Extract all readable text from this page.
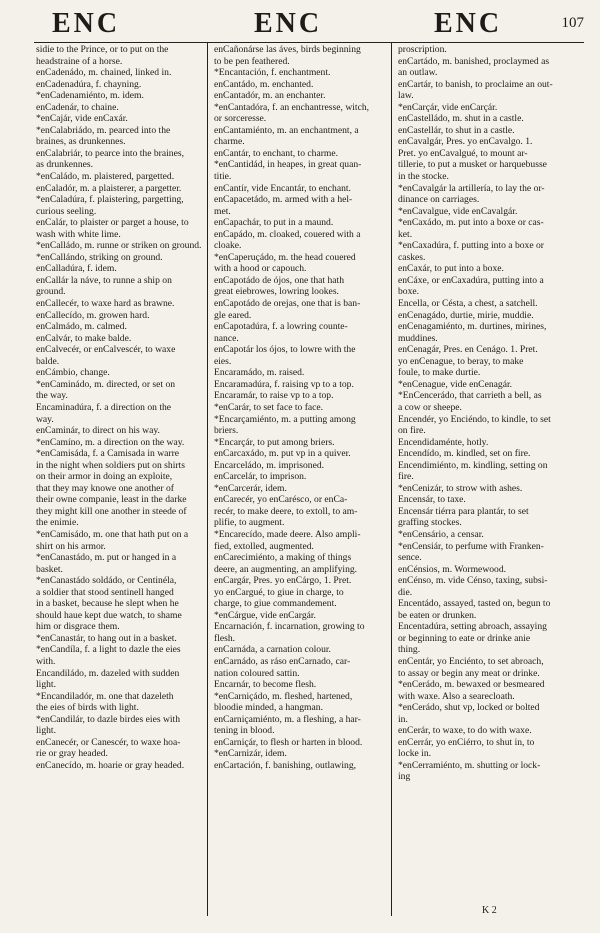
ENC	ENC	ENC	107
sidie to the Prince, or to put on the
headstraine of a horse.
enCadenádo, m. chained, linked in.
enCadenadúra, f. chayning.
*enCadenamiénto, m. idem.
enCadenár, to chaine.
*enCajár, vide enCaxár.
*enCalabriádo, m. pearced into the
braines, as drunkennes.
enCalabriár, to pearce into the braines,
as drunkennes.
*enCaládo, m. plaistered, pargetted.
enCaladór, m. a plaisterer, a pargetter.
*enCaladúra, f. plaistering, pargetting,
curious seeling.
enCalár, to plaister or parget a house, to
wash with white lime.
*enCalládo, m. runne or striken on ground.
*enCallándo, striking on ground.
enCalladúra, f. idem.
enCallár la náve, to runne a ship on
ground.
enCallecér, to waxe hard as brawne.
enCallecído, m. growen hard.
enCalmádo, m. calmed.
enCalvár, to make balde.
enCalvecér, or enCalvescér, to waxe
balde.
enCámbio, change.
*enCaminádo, m. directed, or set on
the way.
Encaminadúra, f. a direction on the
way.
enCaminár, to direct on his way.
*enCamíno, m. a direction on the way.
*enCamisáda, f. a Camisada in warre
in the night when soldiers put on shirts
on their armor in doing an exploite,
that they may knowe one another of
their owne companie, least in the darke
they might kill one another in steede of
the enimie.
*enCamisádo, m. one that hath put on a
shirt on his armor.
*enCanastádo, m. put or hanged in a
basket.
*enCanastádo soldádo, or Centinéla,
a soldier that stood sentinell hanged
in a basket, because he slept when he
should haue kept due watch, to shame
him or disgrace them.
*enCanastár, to hang out in a basket.
*enCandíla, f. a light to dazle the eies
with.
Encandiládo, m. dazeled with sudden
light.
*Encandiladór, m. one that dazeleth
the eies of birds with light.
*enCandilár, to dazle birdes eies with
light.
enCanecér, or Canescér, to waxe hoa-
rie or gray headed.
enCanecído, m. hoarie or gray headed.
enCañonárse las áves, birds beginning
to be pen feathered.
*Encantación, f. enchantment.
enCantádo, m. enchanted.
enCantadór, m. an enchanter.
*enCantadóra, f. an enchantresse, witch,
or sorceresse.
enCantamiénto, m. an enchantment, a
charme.
enCantár, to enchant, to charme.
*enCantidád, in heapes, in great quan-
titie.
enCantír, vide Encantár, to enchant.
enCapacetádo, m. armed with a hel-
met.
enCapachár, to put in a maund.
enCapádo, m. cloaked, couered with a
cloake.
*enCaperuçádo, m. the head couered
with a hood or capouch.
enCapotádo de ójos, one that hath
great eiebrowes, lowring lookes.
enCapotádo de orejas, one that is ban-
gle eared.
enCapotadúra, f. a lowring counte-
nance.
enCapotár los ójos, to lowre with the
eies.
Encaramádo, m. raised.
Encaramadúra, f. raising vp to a top.
Encaramár, to raise vp to a top.
*enCarár, to set face to face.
*Encarçamiénto, m. a putting among
briers.
*Encarçár, to put among briers.
enCarcaxádo, m. put vp in a quiver.
Encarceládo, m. imprisoned.
enCarcelár, to imprison.
*enCarcerár, idem.
enCarecér, yo enCarésco, or enCa-
recér, to make deere, to extoll, to am-
plifie, to augment.
*Encarecído, made deere. Also ampli-
fied, extolled, augmented.
enCarecimiénto, a making of things
deere, an augmenting, an amplifying.
enCargár, Pres. yo enCárgo, 1. Pret.
yo enCargué, to giue in charge, to
charge, to giue commandement.
*enCárgue, vide enCargár.
Encarnación, f. incarnation, growing to
flesh.
enCarnáda, a carnation colour.
enCarnádo, as ráso enCarnado, car-
nation coloured sattin.
Encarnár, to become flesh.
*enCarniçádo, m. fleshed, hartened,
bloodie minded, a hangman.
enCarniçamiénto, m. a fleshing, a har-
tening in blood.
enCarniçár, to flesh or harten in blood.
*enCarnizár, idem.
enCartación, f. banishing, outlawing,
proscription.
enCartádo, m. banished, proclaymed as
an outlaw.
enCartár, to banish, to proclaime an out-
law.
*enCarçár, vide enCarçár.
enCastelládo, m. shut in a castle.
enCastellár, to shut in a castle.
enCavalgár, Pres. yo enCavalgo. 1.
Pret. yo enCavalgué, to mount ar-
tillerie, to put a musket or harquebusse
in the stocke.
*enCavalgár la artillería, to lay the or-
dinance on carriages.
*enCavalgue, vide enCavalgár.
*enCaxádo, m. put into a boxe or cas-
ket.
*enCaxadúra, f. putting into a boxe or
caskes.
enCaxár, to put into a boxe.
enCáxe, or enCaxadúra, putting into a
boxe.
Encella, or Césta, a chest, a satchell.
enCenagádo, durtie, mirie, muddie.
enCenagamiénto, m. durtines, mirines,
muddines.
enCenagár, Pres. en Cenágo. 1. Pret.
yo enCenague, to beray, to make
foule, to make durtie.
*enCenague, vide enCenagár.
*EnCencerádo, that carrieth a bell, as
a cow or sheepe.
Encendér, yo Enciéndo, to kindle, to set
on fire.
Encendidaménte, hotly.
Encendído, m. kindled, set on fire.
Encendimiénto, m. kindling, setting on
fire.
*enCenizár, to strow with ashes.
Encensár, to taxe.
Encensár tiérra para plantár, to set
graffing stockes.
*enCensário, a censar.
*enCensiár, to perfume with Franken-
sence.
enCénsios, m. Wormewood.
enCénso, m. vide Cénso, taxing, subsi-
die.
Encentádo, assayed, tasted on, begun to
be eaten or drunken.
Encentadúra, setting abroach, assaying
or beginning to eate or drinke anie
thing.
enCentár, yo Enciénto, to set abroach,
to assay or begin any meat or drinke.
*enCerádo, m. bewaxed or besmeared
with waxe. Also a searecloath.
*enCerádo, shut vp, locked or bolted
in.
enCerár, to waxe, to do with waxe.
enCerrár, yo enCiérro, to shut in, to
locke in.
*enCerramiénto, m. shutting or lock-
ing
K 2
